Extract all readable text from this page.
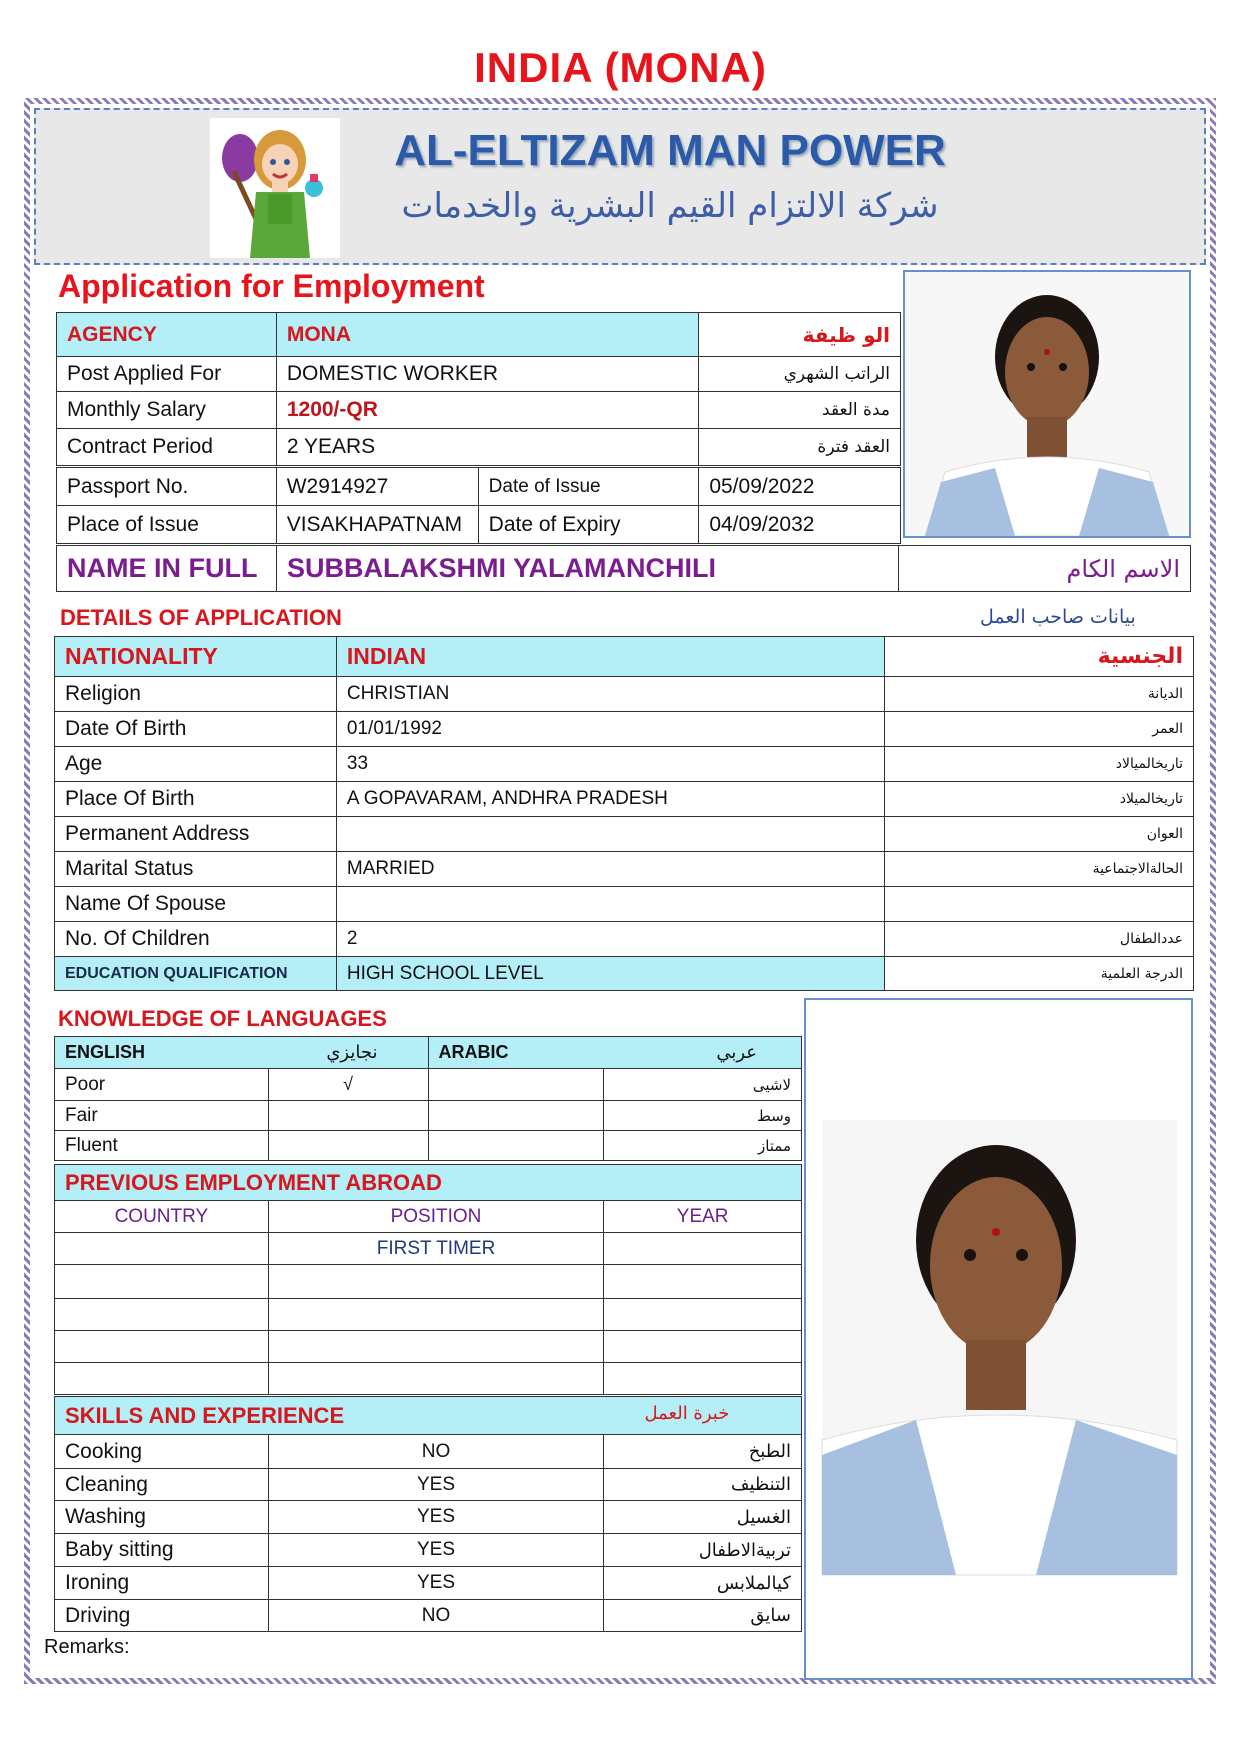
INDIA (MONA)
AL-ELTIZAM MAN POWER
شركة الالتزام القيم البشرية والخدمات
Application for Employment
AGENCY	MONA	الو ظيفة
Post Applied For	DOMESTIC WORKER	الراتب الشهري
Monthly Salary	1200/-QR	مدة العقد
Contract Period	2 YEARS	العقد فترة
Passport No.	W2914927	Date of Issue	05/09/2022
Place of Issue	VISAKHAPATNAM	Date of Expiry	04/09/2032
NAME IN FULL	SUBBALAKSHMI YALAMANCHILI	الاسم الكام
DETAILS OF APPLICATION	بيانات صاحب العمل
NATIONALITY	INDIAN	الجنسية
Religion	CHRISTIAN	الديانة
Date Of Birth	01/01/1992	العمر
Age	33	تاريخالميالاد
Place Of Birth	A GOPAVARAM, ANDHRA PRADESH	تاريخالميلاد
Permanent Address		العوان
Marital Status	MARRIED	الحالةالاجتماعية
Name Of Spouse		
No. Of Children	2	عددالطفال
EDUCATION QUALIFICATION	HIGH SCHOOL LEVEL	الدرجة العلمية
KNOWLEDGE OF LANGUAGES
ENGLISH نجايزي		ARABIC عربي	

Poor	√		لاشيى
Fair			وسط
Fluent			ممتاز
PREVIOUS EMPLOYMENT ABROAD		
COUNTRY	POSITION	YEAR
	FIRST TIMER	

SKILLS AND EXPERIENCE خبرة العمل		

Cooking	NO	الطبخ
Cleaning	YES	التنظيف
Washing	YES	الغسيل
Baby sitting	YES	تربيةالاطفال
Ironing	YES	كيالملابس
Driving	NO	سايق
Remarks:
